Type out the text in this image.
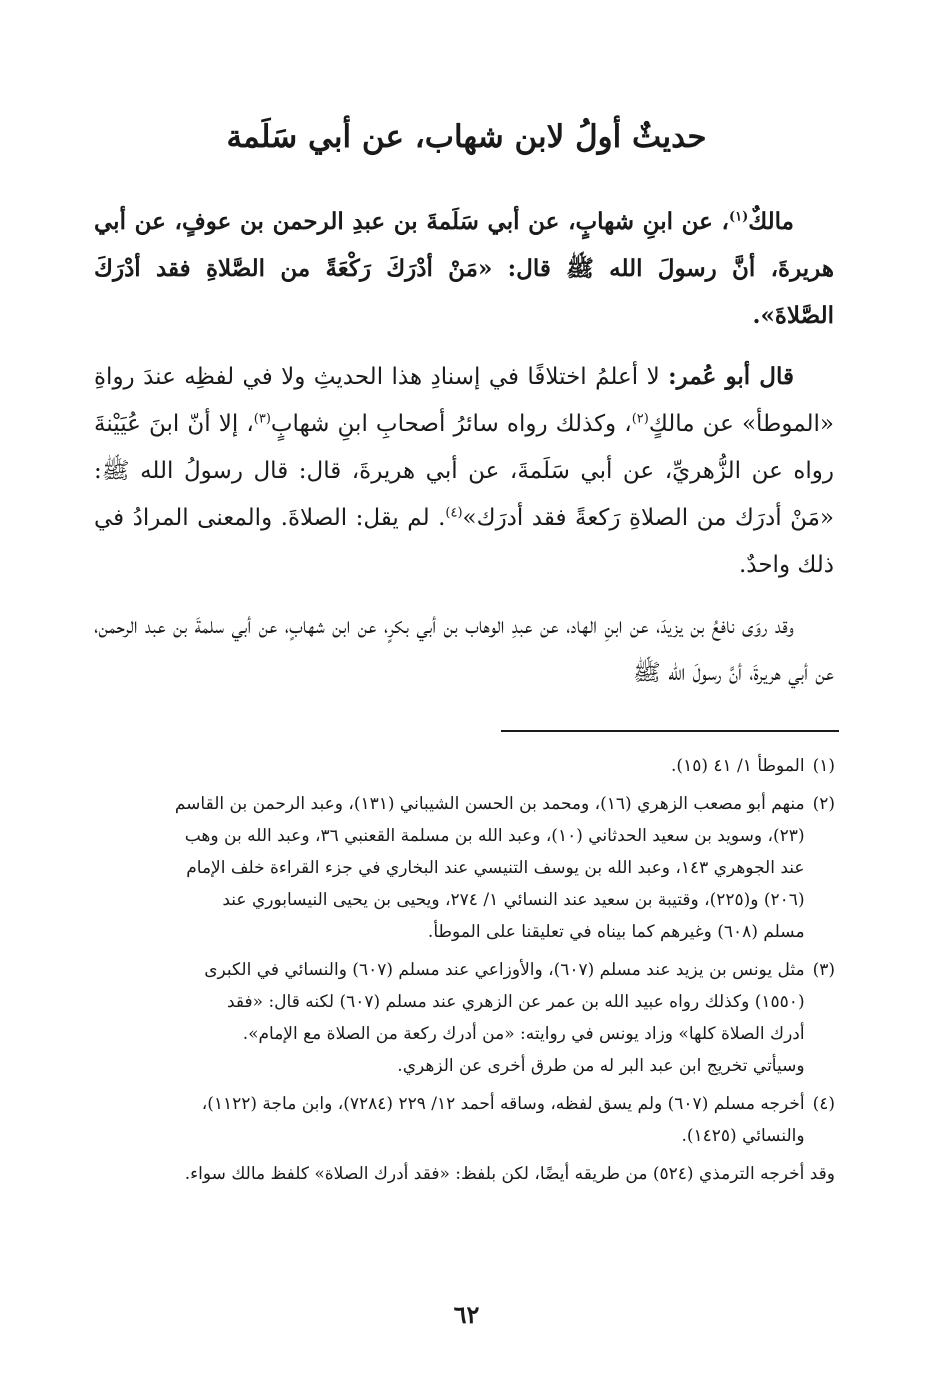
حديثٌ أولُ لابن شهاب، عن أبي سَلَمة

مالكٌ$^{(١)}$، عن ابنِ شهابٍ، عن أبي سَلَمةَ بن عبدِ الرحمن بن عوفٍ، عن أبي هريرةَ، أنَّ رسولَ الله ﷺ قال: «مَنْ أدْرَكَ رَكْعَةً من الصَّلاةِ فقد أدْرَكَ الصَّلاةَ».

قال أبو عُمر: لا أعلمُ اختلافًا في إسنادِ هذا الحديثِ ولا في لفظِه عندَ رواةِ «الموطأ» عن مالكٍ$^{(٢)}$، وكذلك رواه سائرُ أصحابِ ابنِ شهابٍ$^{(٣)}$، إلا أنّ ابنَ عُيَيْنةَ رواه عن الزُّهريِّ، عن أبي سَلَمةَ، عن أبي هريرةَ، قال: قال رسولُ الله ﷺ: «مَنْ أدرَك من الصلاةِ رَكعةً فقد أدرَك»$^{(٤)}$. لم يقل: الصلاةَ. والمعنى المرادُ في ذلك واحدٌ.

وقد روَى نافعُ بن يزيدَ، عن ابنِ الهاد، عن عبدِ الوهاب بن أبي بكرٍ، عن ابن شهابٍ، عن أبي سلمةَ بن عبد الرحمن، عن أبي هريرةَ، أنَّ رسولَ الله ﷺ

(١)
الموطأ ١/ ٤١ (١٥).
(٢)
منهم أبو مصعب الزهري (١٦)، ومحمد بن الحسن الشيباني (١٣١)، وعبد الرحمن بن القاسم
(٢٣)، وسويد بن سعيد الحدثاني (١٠)، وعبد الله بن مسلمة القعنبي ٣٦، وعبد الله بن وهب
عند الجوهري ١٤٣، وعبد الله بن يوسف التنيسي عند البخاري في جزء القراءة خلف الإمام
(٢٠٦) و(٢٢٥)، وقتيبة بن سعيد عند النسائي ١/ ٢٧٤، ويحيى بن يحيى النيسابوري عند
مسلم (٦٠٨) وغيرهم كما بيناه في تعليقنا على الموطأ.
(٣)
مثل يونس بن يزيد عند مسلم (٦٠٧)، والأوزاعي عند مسلم (٦٠٧) والنسائي في الكبرى
(١٥٥٠) وكذلك رواه عبيد الله بن عمر عن الزهري عند مسلم (٦٠٧) لكنه قال: «فقد
أدرك الصلاة كلها» وزاد يونس في روايته: «من أدرك ركعة من الصلاة مع الإمام».
وسيأتي تخريج ابن عبد البر له من طرق أخرى عن الزهري.
(٤)
أخرجه مسلم (٦٠٧) ولم يسق لفظه، وساقه أحمد ١٢/ ٢٢٩ (٧٢٨٤)، وابن ماجة (١١٢٢)،
والنسائي (١٤٢٥).

وقد أخرجه الترمذي (٥٢٤) من طريقه أيضًا، لكن بلفظ: «فقد أدرك الصلاة» كلفظ مالك سواء.

٦٢
